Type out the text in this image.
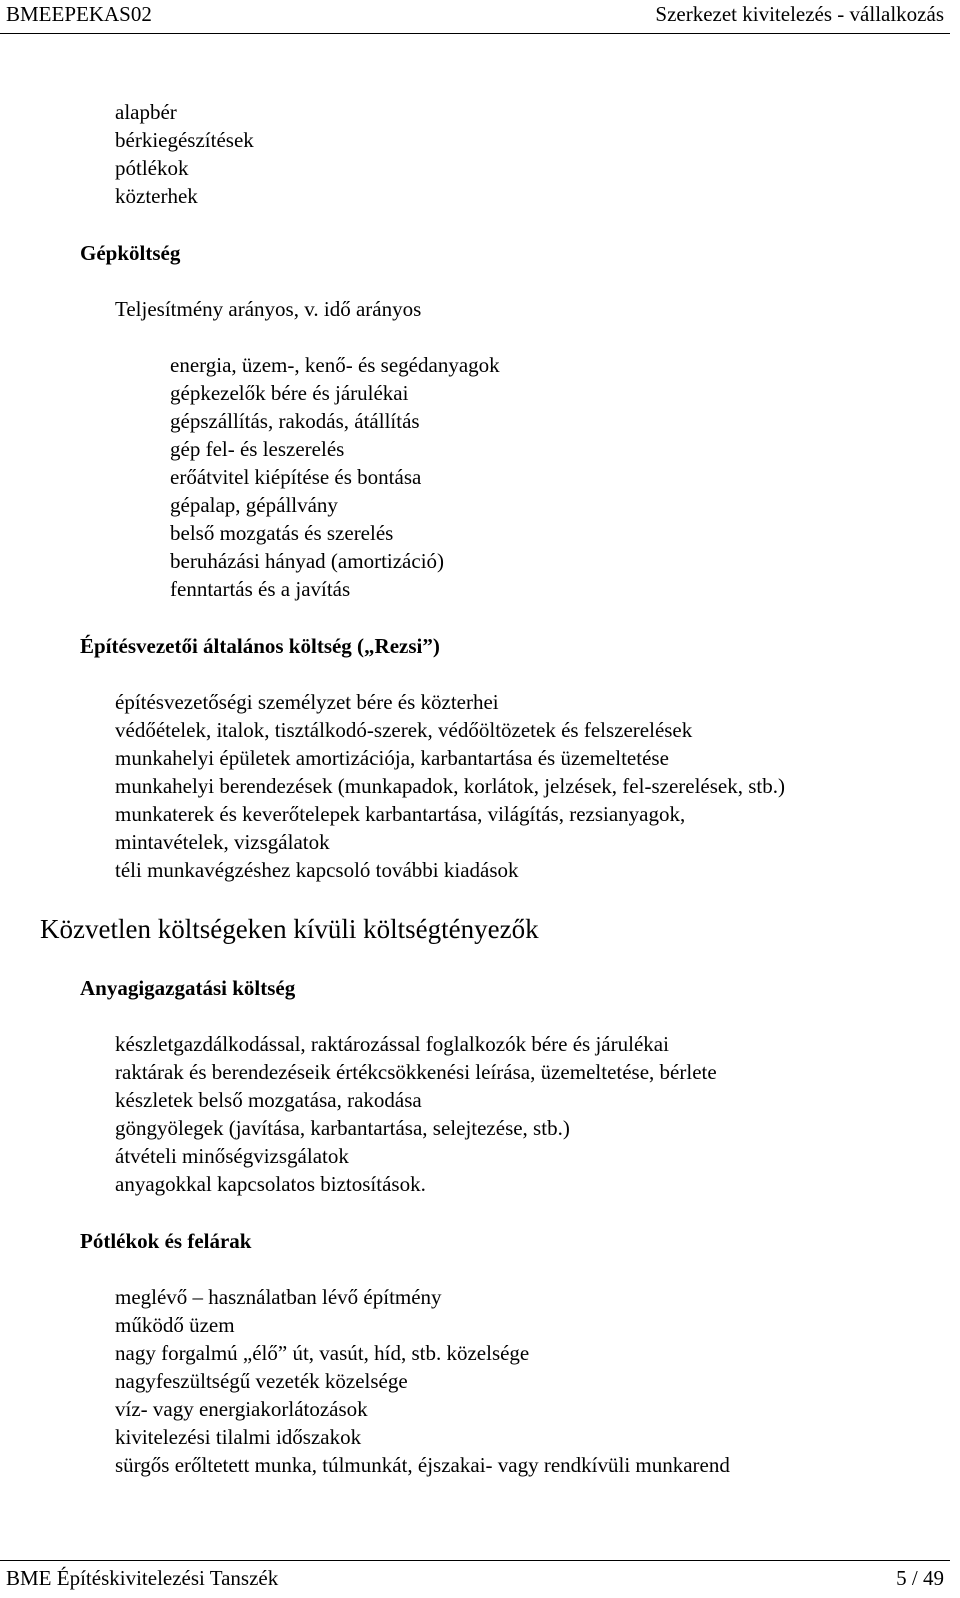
BMEEPEKAS02	Szerkezet kivitelezés - vállalkozás
alapbér
bérkiegészítések
pótlékok
közterhek
Gépköltség
Teljesítmény arányos, v. idő arányos
energia, üzem-, kenő- és segédanyagok
gépkezelők bére és járulékai
gépszállítás, rakodás, átállítás
gép fel- és leszerelés
erőátvitel kiépítése és bontása
gépalap, gépállvány
belső mozgatás és szerelés
beruházási hányad (amortizáció)
fenntartás és a javítás
Építésvezetői általános költség („Rezsi”)
építésvezetőségi személyzet bére és közterhei
védőételek, italok, tisztálkodó-szerek, védőöltözetek és felszerelések
munkahelyi épületek amortizációja, karbantartása és üzemeltetése
munkahelyi berendezések (munkapadok, korlátok, jelzések, fel-szerelések, stb.)
munkaterek és keverőtelepek karbantartása, világítás, rezsianyagok,
mintavételek, vizsgálatok
téli munkavégzéshez kapcsoló további kiadások
Közvetlen költségeken kívüli költségtényezők
Anyagigazgatási költség
készletgazdálkodással, raktározással foglalkozók bére és járulékai
raktárak és berendezéseik értékcsökkenési leírása, üzemeltetése, bérlete
készletek belső mozgatása, rakodása
göngyölegek (javítása, karbantartása, selejtezése, stb.)
átvételi minőségvizsgálatok
anyagokkal kapcsolatos biztosítások.
Pótlékok és felárak
meglévő – használatban lévő építmény
működő üzem
nagy forgalmú „élő” út, vasút, híd, stb. közelsége
nagyfeszültségű vezeték közelsége
víz- vagy energiakorlátozások
kivitelezési tilalmi időszakok
sürgős erőltetett munka, túlmunkát, éjszakai- vagy rendkívüli munkarend
BME Építéskivitelezési Tanszék	5 / 49
